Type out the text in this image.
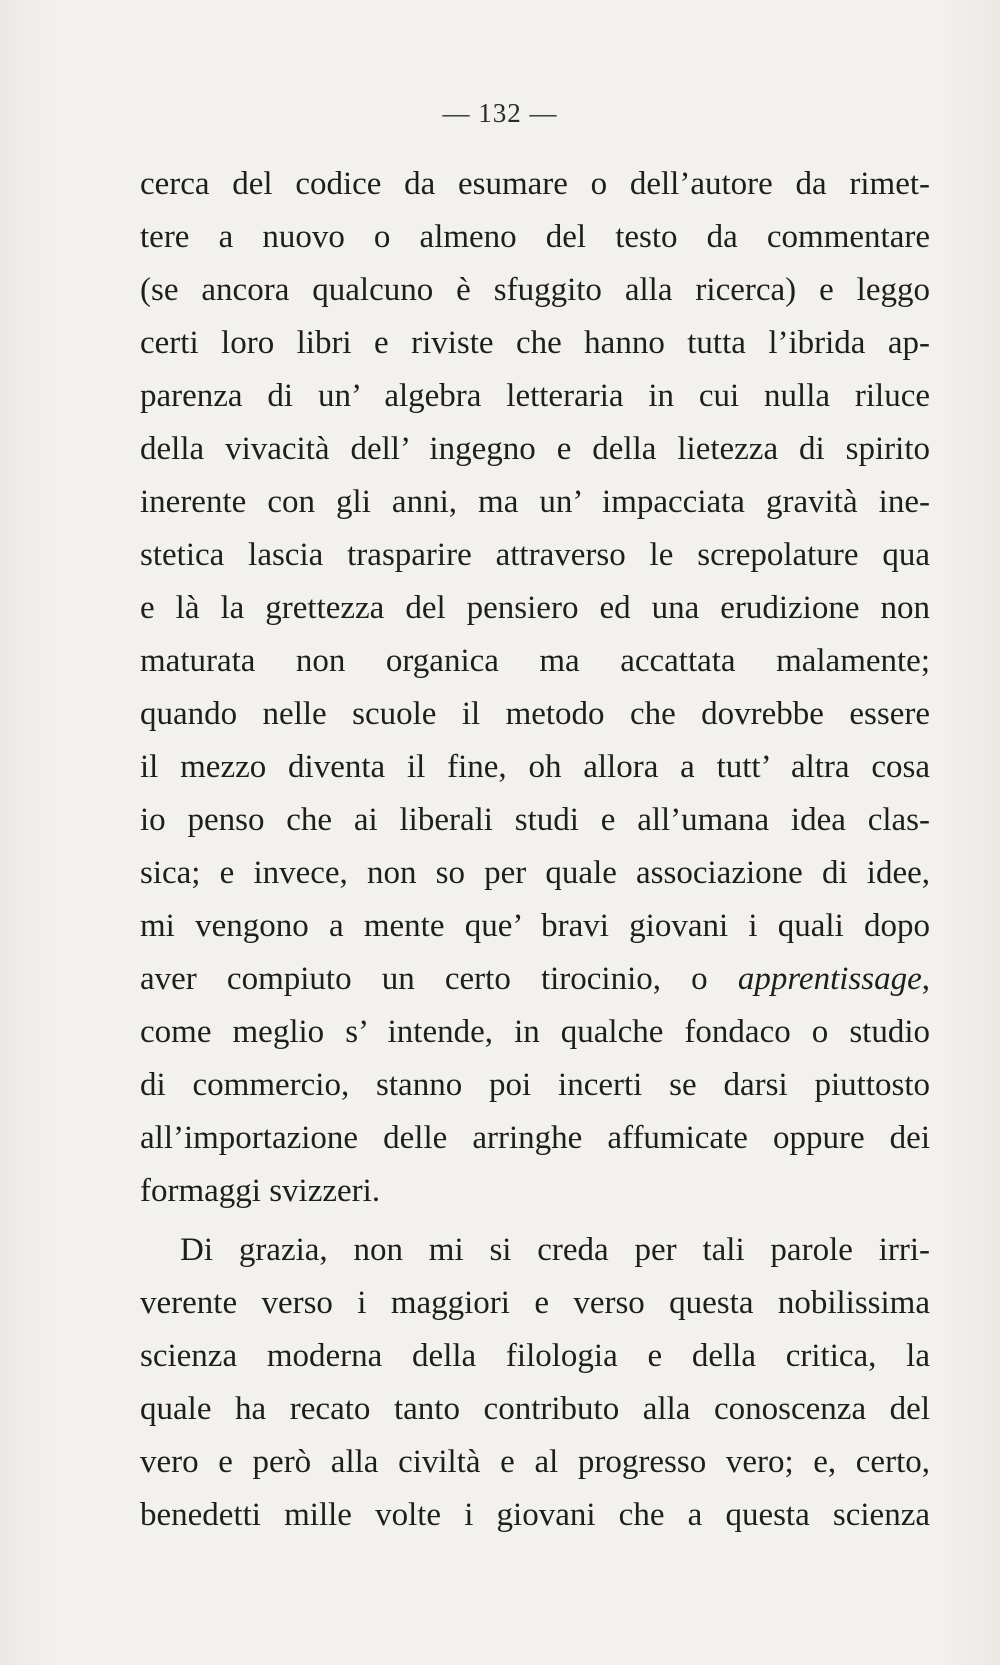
— 132 —
cerca del codice da esumare o dell’autore da rimet-
tere a nuovo o almeno del testo da commentare
(se ancora qualcuno è sfuggito alla ricerca) e leggo
certi loro libri e riviste che hanno tutta l’ibrida ap-
parenza di un’ algebra letteraria in cui nulla riluce
della vivacità dell’ ingegno e della lietezza di spirito
inerente con gli anni, ma un’ impacciata gravità ine-
stetica lascia trasparire attraverso le screpolature qua
e là la grettezza del pensiero ed una erudizione non
maturata non organica ma accattata malamente;
quando nelle scuole il metodo che dovrebbe essere
il mezzo diventa il fine, oh allora a tutt’ altra cosa
io penso che ai liberali studi e all’umana idea clas-
sica; e invece, non so per quale associazione di idee,
mi vengono a mente que’ bravi giovani i quali dopo
aver compiuto un certo tirocinio, o apprentissage,
come meglio s’ intende, in qualche fondaco o studio
di commercio, stanno poi incerti se darsi piuttosto
all’importazione delle arringhe affumicate oppure dei
formaggi svizzeri.
Di grazia, non mi si creda per tali parole irri-
verente verso i maggiori e verso questa nobilissima
scienza moderna della filologia e della critica, la
quale ha recato tanto contributo alla conoscenza del
vero e però alla civiltà e al progresso vero; e, certo,
benedetti mille volte i giovani che a questa scienza
